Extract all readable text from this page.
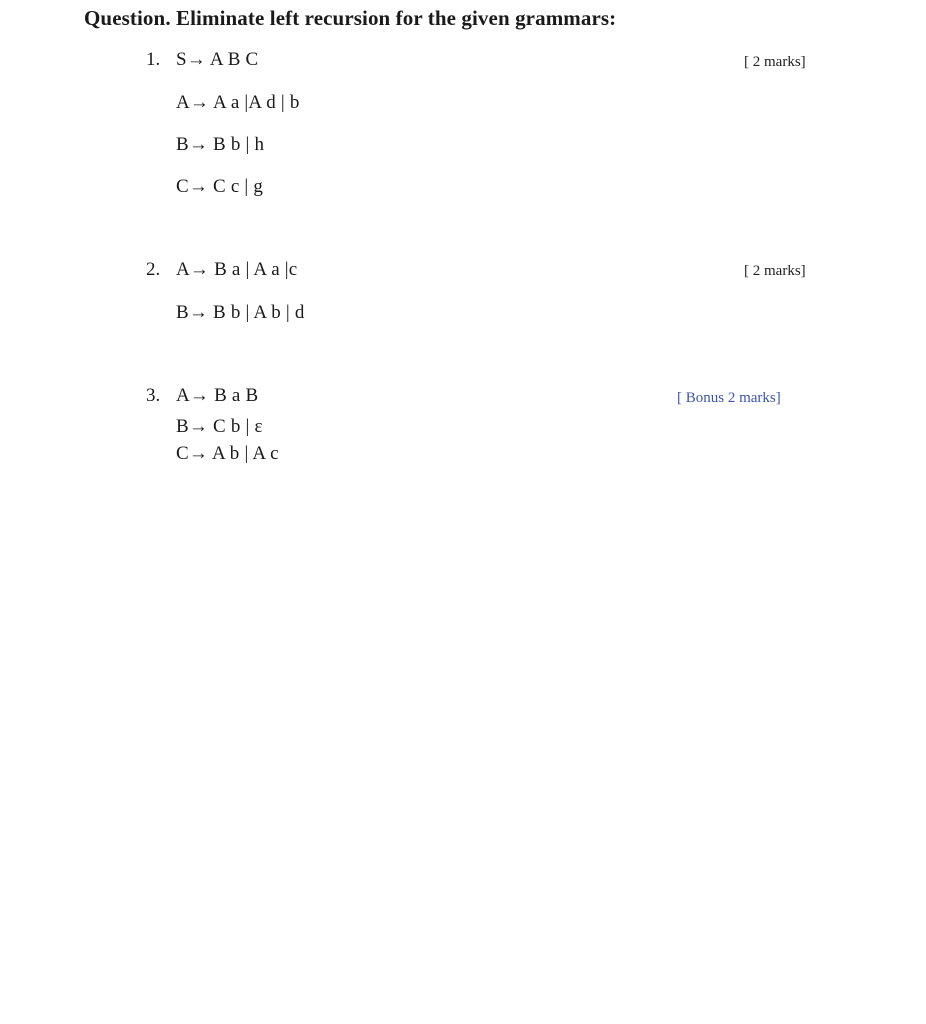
Question. Eliminate left recursion for the given grammars:
1. S→ A B C	[ 2 marks]
A→ A a |A d | b
B→ B b | h
C→ C c | g
2. A→ B a | A a |c	[ 2 marks]
B→ B b | A b | d
3. A→ B a B	[ Bonus 2 marks]
B→ C b | ε
C→ A b | A c
